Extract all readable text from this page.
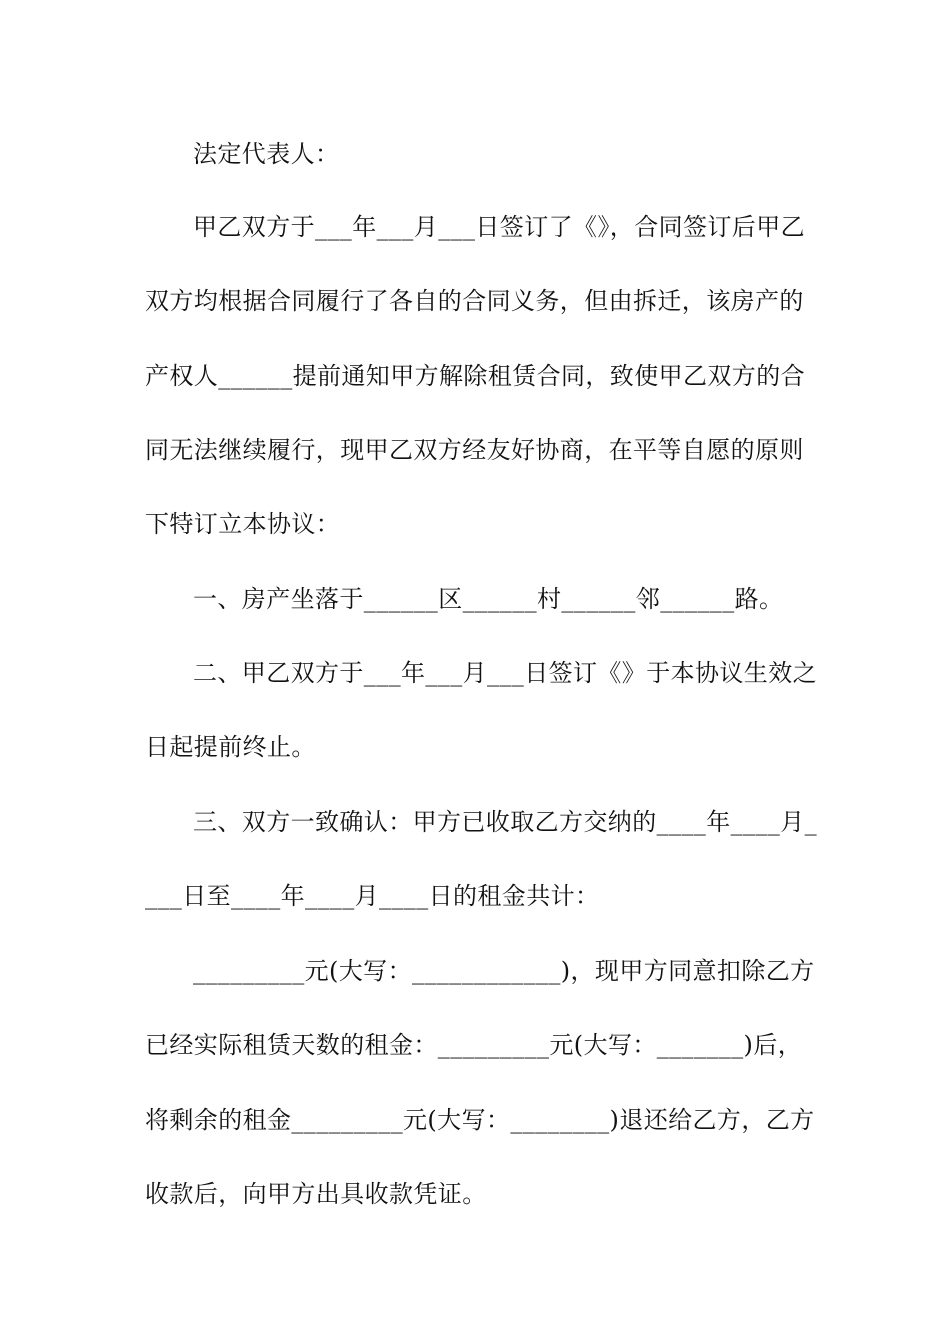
法定代表人：
甲乙双方于___年___月___日签订了《》，合同签订后甲乙
双方均根据合同履行了各自的合同义务，但由拆迁，该房产的
产权人______提前通知甲方解除租赁合同，致使甲乙双方的合
同无法继续履行，现甲乙双方经友好协商，在平等自愿的原则
下特订立本协议：
一、房产坐落于______区______村______邻______路。
二、甲乙双方于___年___月___日签订《》于本协议生效之
日起提前终止。
三、双方一致确认：甲方已收取乙方交纳的____年____月_
___日至____年____月____日的租金共计：
_________元(大写：____________)，现甲方同意扣除乙方
已经实际租赁天数的租金：_________元(大写：_______)后，
将剩余的租金_________元(大写：________)退还给乙方，乙方
收款后，向甲方出具收款凭证。
